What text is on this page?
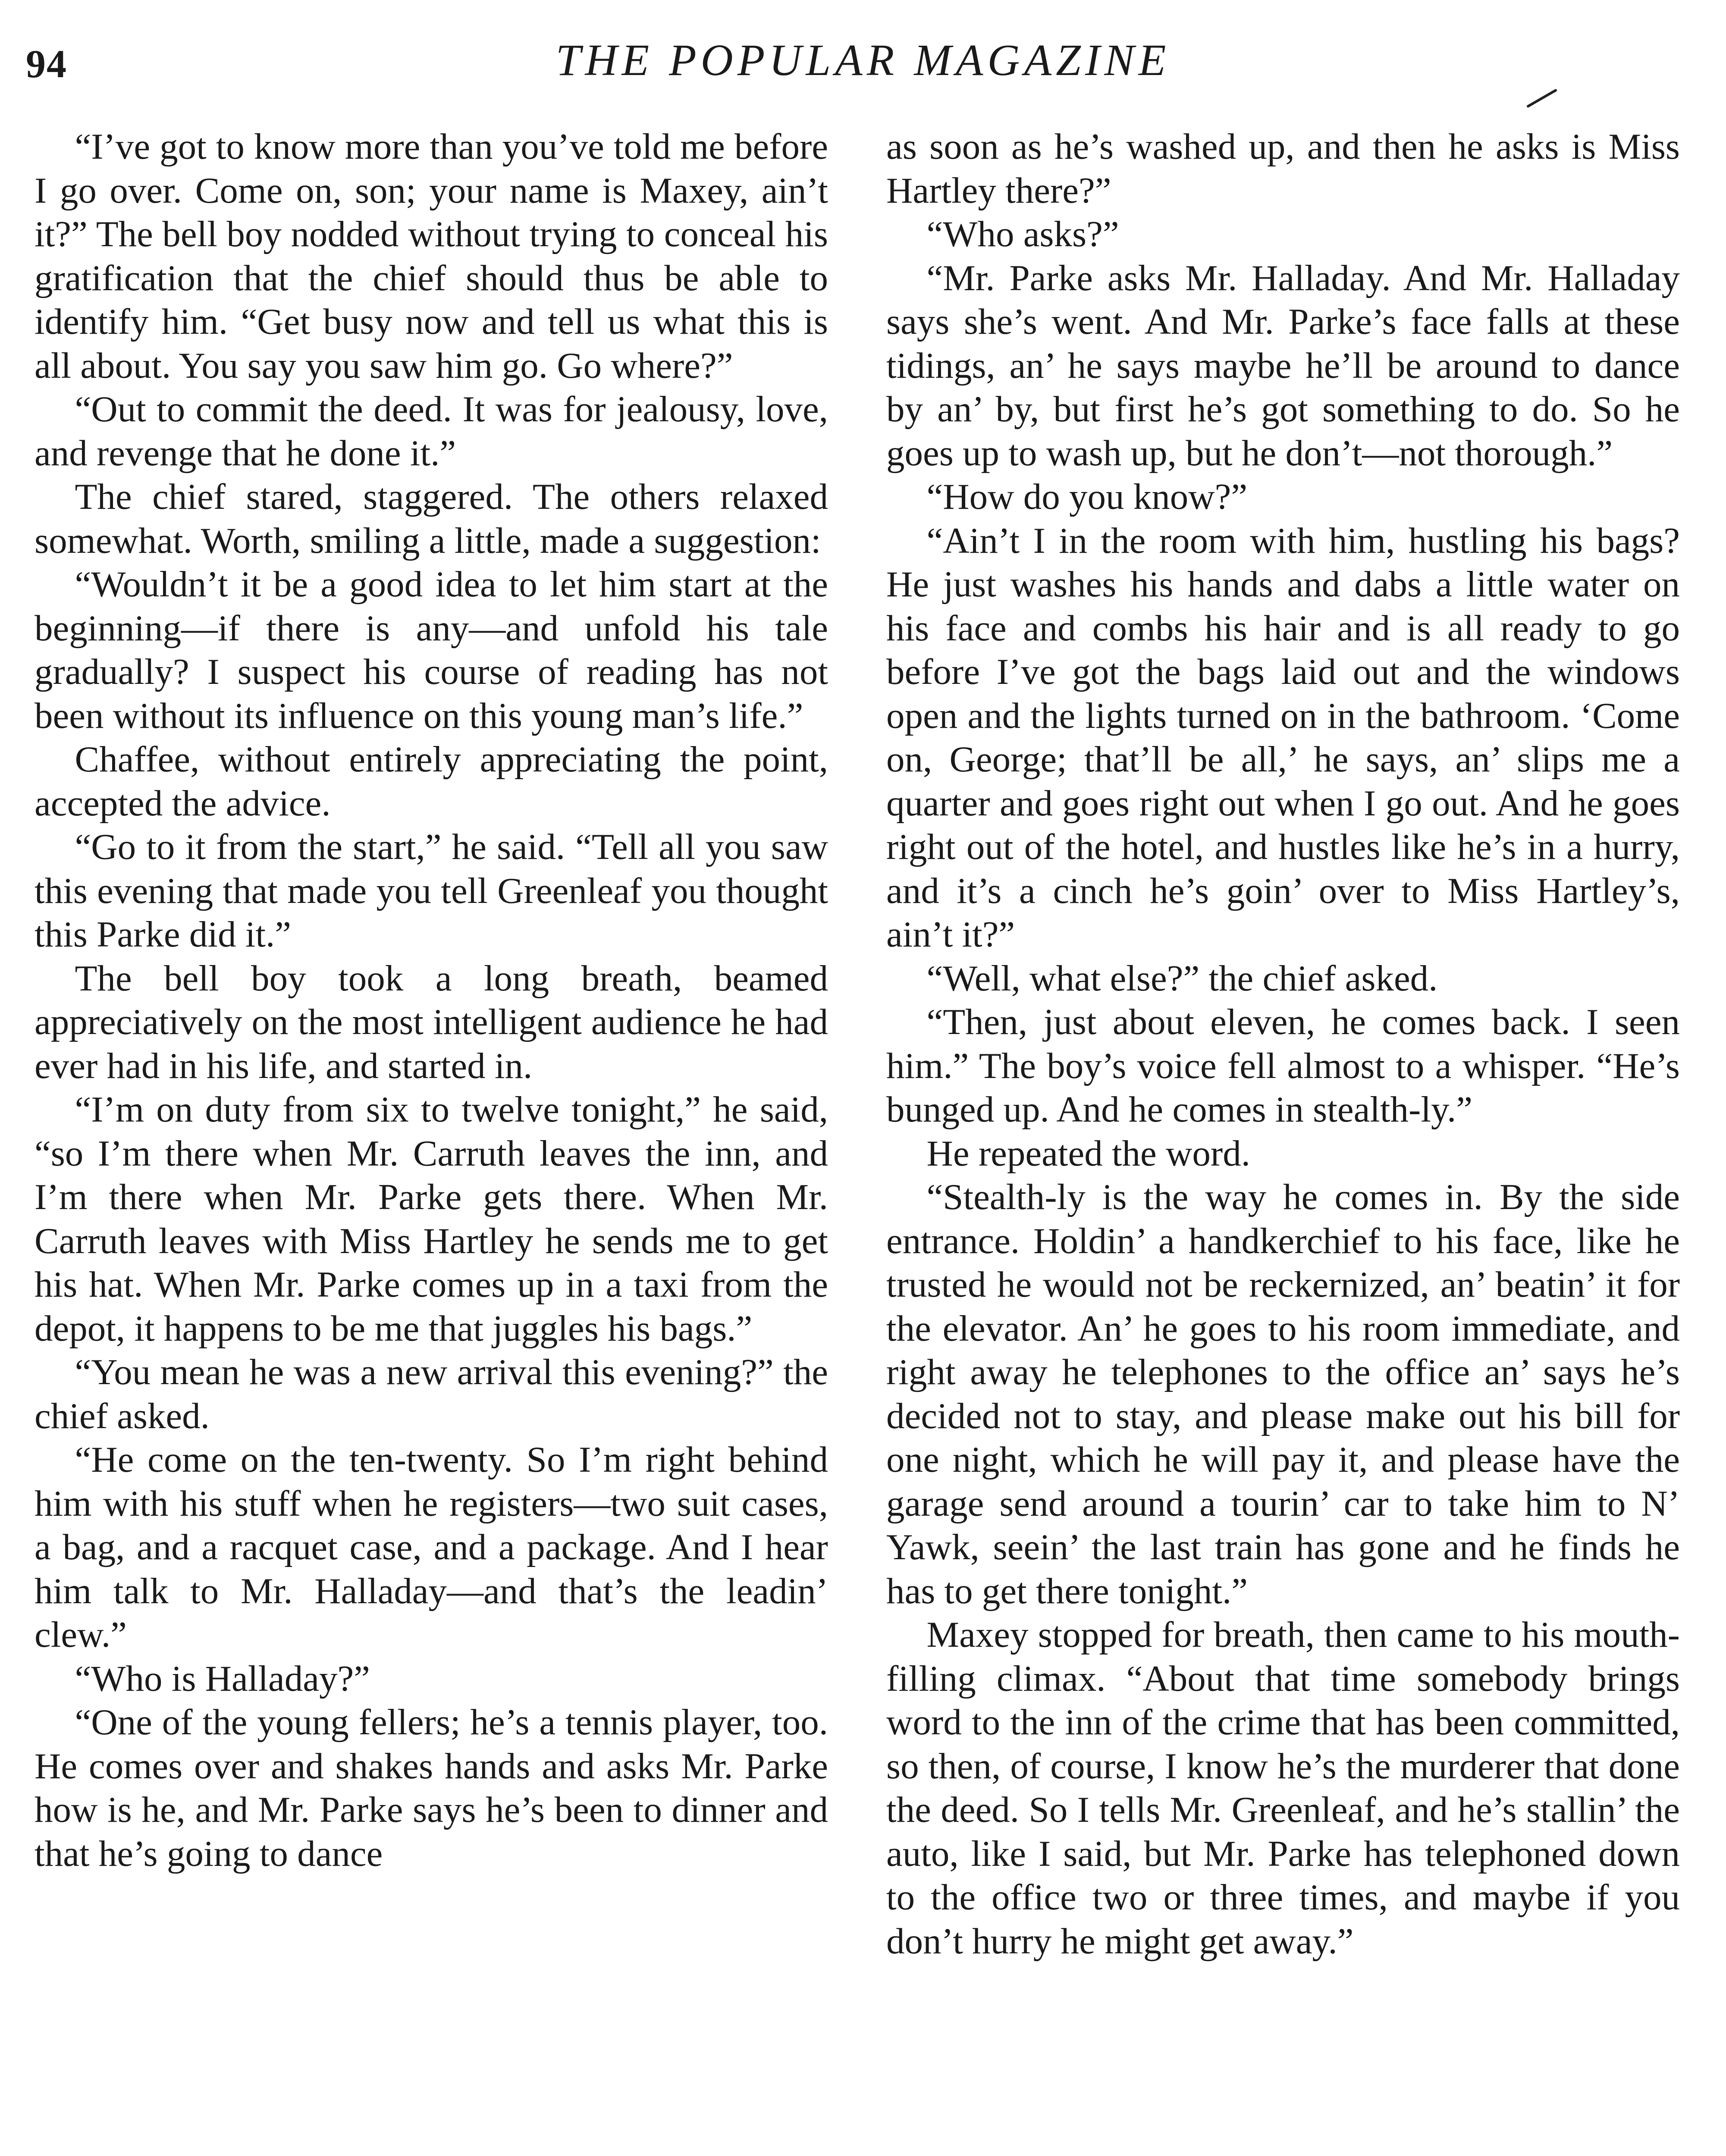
94	THE POPULAR MAGAZINE

“I’ve got to know more than you’ve told me before I go over. Come on, son; your name is Maxey, ain’t it?” The bell boy nodded without trying to conceal his gratification that the chief should thus be able to identify him. “Get busy now and tell us what this is all about. You say you saw him go. Go where?”

“Out to commit the deed. It was for jealousy, love, and revenge that he done it.”

The chief stared, staggered. The others relaxed somewhat. Worth, smiling a little, made a suggestion:

“Wouldn’t it be a good idea to let him start at the beginning—if there is any—and unfold his tale gradually? I suspect his course of reading has not been without its influence on this young man’s life.”

Chaffee, without entirely appreciating the point, accepted the advice.

“Go to it from the start,” he said. “Tell all you saw this evening that made you tell Greenleaf you thought this Parke did it.”

The bell boy took a long breath, beamed appreciatively on the most intelligent audience he had ever had in his life, and started in.

“I’m on duty from six to twelve tonight,” he said, “so I’m there when Mr. Carruth leaves the inn, and I’m there when Mr. Parke gets there. When Mr. Carruth leaves with Miss Hartley he sends me to get his hat. When Mr. Parke comes up in a taxi from the depot, it happens to be me that juggles his bags.”

“You mean he was a new arrival this evening?” the chief asked.

“He come on the ten-twenty. So I’m right behind him with his stuff when he registers—two suit cases, a bag, and a racquet case, and a package. And I hear him talk to Mr. Halladay—and that’s the leadin’ clew.”

“Who is Halladay?”

“One of the young fellers; he’s a tennis player, too. He comes over and shakes hands and asks Mr. Parke how is he, and Mr. Parke says he’s been to dinner and that he’s going to dance

as soon as he’s washed up, and then he asks is Miss Hartley there?”

“Who asks?”

“Mr. Parke asks Mr. Halladay. And Mr. Halladay says she’s went. And Mr. Parke’s face falls at these tidings, an’ he says maybe he’ll be around to dance by an’ by, but first he’s got something to do. So he goes up to wash up, but he don’t—not thorough.”

“How do you know?”

“Ain’t I in the room with him, hustling his bags? He just washes his hands and dabs a little water on his face and combs his hair and is all ready to go before I’ve got the bags laid out and the windows open and the lights turned on in the bathroom. ‘Come on, George; that’ll be all,’ he says, an’ slips me a quarter and goes right out when I go out. And he goes right out of the hotel, and hustles like he’s in a hurry, and it’s a cinch he’s goin’ over to Miss Hartley’s, ain’t it?”

“Well, what else?” the chief asked.

“Then, just about eleven, he comes back. I seen him.” The boy’s voice fell almost to a whisper. “He’s bunged up. And he comes in stealth-ly.”

He repeated the word.

“Stealth-ly is the way he comes in. By the side entrance. Holdin’ a handkerchief to his face, like he trusted he would not be reckernized, an’ beatin’ it for the elevator. An’ he goes to his room immediate, and right away he telephones to the office an’ says he’s decided not to stay, and please make out his bill for one night, which he will pay it, and please have the garage send around a tourin’ car to take him to N’ Yawk, seein’ the last train has gone and he finds he has to get there tonight.”

Maxey stopped for breath, then came to his mouth-filling climax. “About that time somebody brings word to the inn of the crime that has been committed, so then, of course, I know he’s the murderer that done the deed. So I tells Mr. Greenleaf, and he’s stallin’ the auto, like I said, but Mr. Parke has telephoned down to the office two or three times, and maybe if you don’t hurry he might get away.”
